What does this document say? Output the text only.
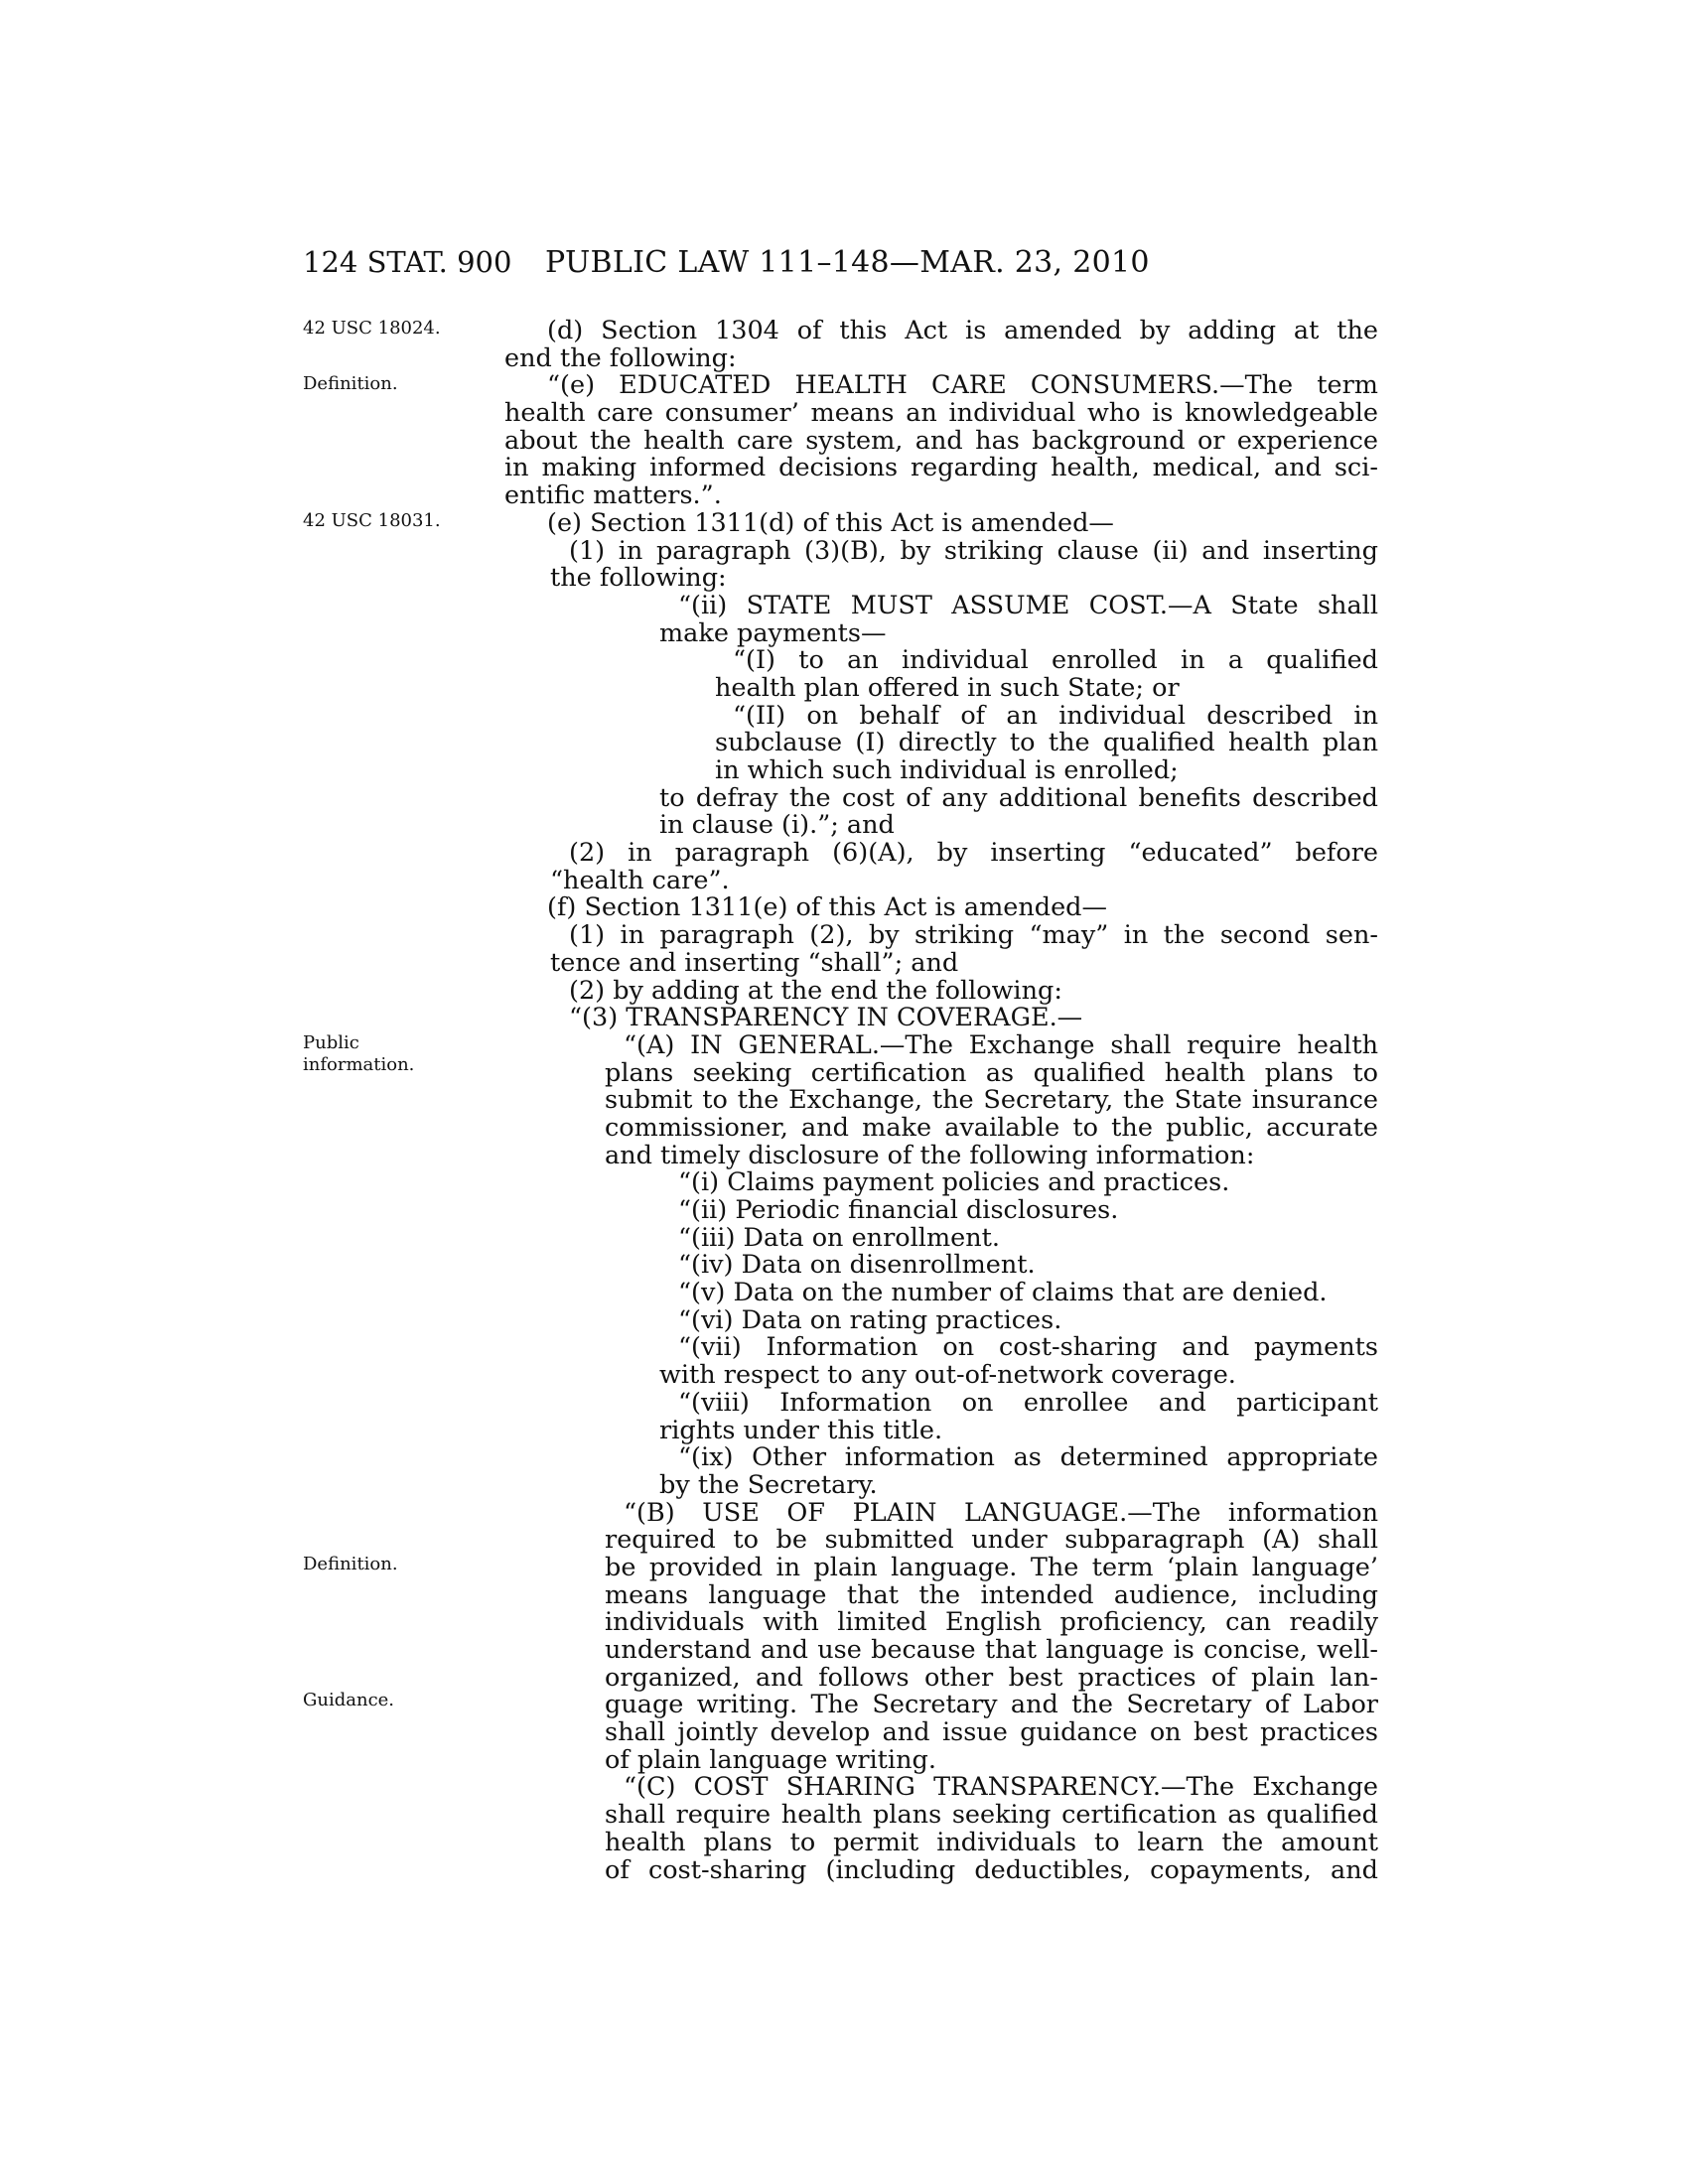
124 STAT. 900 PUBLIC LAW 111–148—MAR. 23, 2010
42 USC 18024.
Definition.
42 USC 18031.
Public information.
Definition.
Guidance.
(d) Section 1304 of this Act is amended by adding at the
end the following:
“(e) EDUCATED HEALTH CARE CONSUMERS.—The term
health care consumer’ means an individual who is knowledgeable
about the health care system, and has background or experience
in making informed decisions regarding health, medical, and sci-
entific matters.”.
(e) Section 1311(d) of this Act is amended—
(1) in paragraph (3)(B), by striking clause (ii) and inserting
the following:
“(ii) STATE MUST ASSUME COST.—A State shall
make payments—
“(I) to an individual enrolled in a qualified
health plan offered in such State; or
“(II) on behalf of an individual described in
subclause (I) directly to the qualified health plan
in which such individual is enrolled;
to defray the cost of any additional benefits described
in clause (i).”; and
(2) in paragraph (6)(A), by inserting “educated” before
“health care”.
(f) Section 1311(e) of this Act is amended—
(1) in paragraph (2), by striking “may” in the second sen-
tence and inserting “shall”; and
(2) by adding at the end the following:
“(3) TRANSPARENCY IN COVERAGE.—
“(A) IN GENERAL.—The Exchange shall require health
plans seeking certification as qualified health plans to
submit to the Exchange, the Secretary, the State insurance
commissioner, and make available to the public, accurate
and timely disclosure of the following information:
“(i) Claims payment policies and practices.
“(ii) Periodic financial disclosures.
“(iii) Data on enrollment.
“(iv) Data on disenrollment.
“(v) Data on the number of claims that are denied.
“(vi) Data on rating practices.
“(vii) Information on cost-sharing and payments
with respect to any out-of-network coverage.
“(viii) Information on enrollee and participant
rights under this title.
“(ix) Other information as determined appropriate
by the Secretary.
“(B) USE OF PLAIN LANGUAGE.—The information
required to be submitted under subparagraph (A) shall
be provided in plain language. The term ‘plain language’
means language that the intended audience, including
individuals with limited English proficiency, can readily
understand and use because that language is concise, well-
organized, and follows other best practices of plain lan-
guage writing. The Secretary and the Secretary of Labor
shall jointly develop and issue guidance on best practices
of plain language writing.
“(C) COST SHARING TRANSPARENCY.—The Exchange
shall require health plans seeking certification as qualified
health plans to permit individuals to learn the amount
of cost-sharing (including deductibles, copayments, and
